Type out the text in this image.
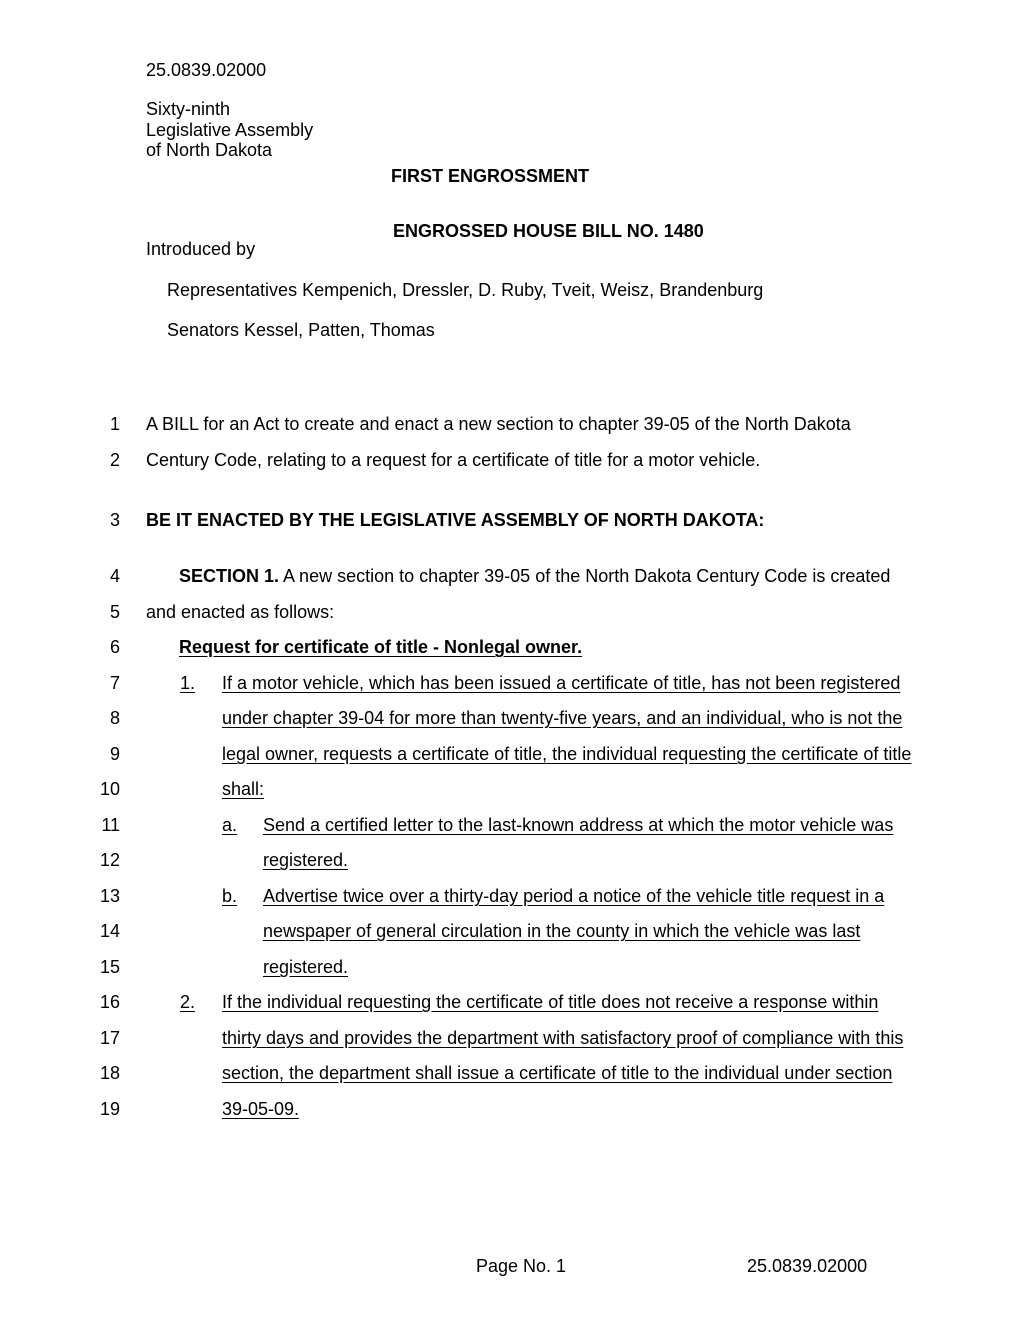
25.0839.02000
Sixty-ninth
Legislative Assembly
of North Dakota
FIRST ENGROSSMENT
ENGROSSED HOUSE BILL NO. 1480
Introduced by
Representatives Kempenich, Dressler, D. Ruby, Tveit, Weisz, Brandenburg
Senators Kessel, Patten, Thomas
1
2
3
4
5
6
7
8
9
10
11
12
13
14
15
16
17
18
19
A BILL for an Act to create and enact a new section to chapter 39-05 of the North Dakota
Century Code, relating to a request for a certificate of title for a motor vehicle.
BE IT ENACTED BY THE LEGISLATIVE ASSEMBLY OF NORTH DAKOTA:
SECTION 1. A new section to chapter 39-05 of the North Dakota Century Code is created
and enacted as follows:
Request for certificate of title - Nonlegal owner.
1. If a motor vehicle, which has been issued a certificate of title, has not been registered
under chapter 39-04 for more than twenty-five years, and an individual, who is not the
legal owner, requests a certificate of title, the individual requesting the certificate of title
shall:
a. Send a certified letter to the last-known address at which the motor vehicle was
registered.
b. Advertise twice over a thirty-day period a notice of the vehicle title request in a
newspaper of general circulation in the county in which the vehicle was last
registered.
2. If the individual requesting the certificate of title does not receive a response within
thirty days and provides the department with satisfactory proof of compliance with this
section, the department shall issue a certificate of title to the individual under section
39-05-09.
Page No. 1	25.0839.02000
